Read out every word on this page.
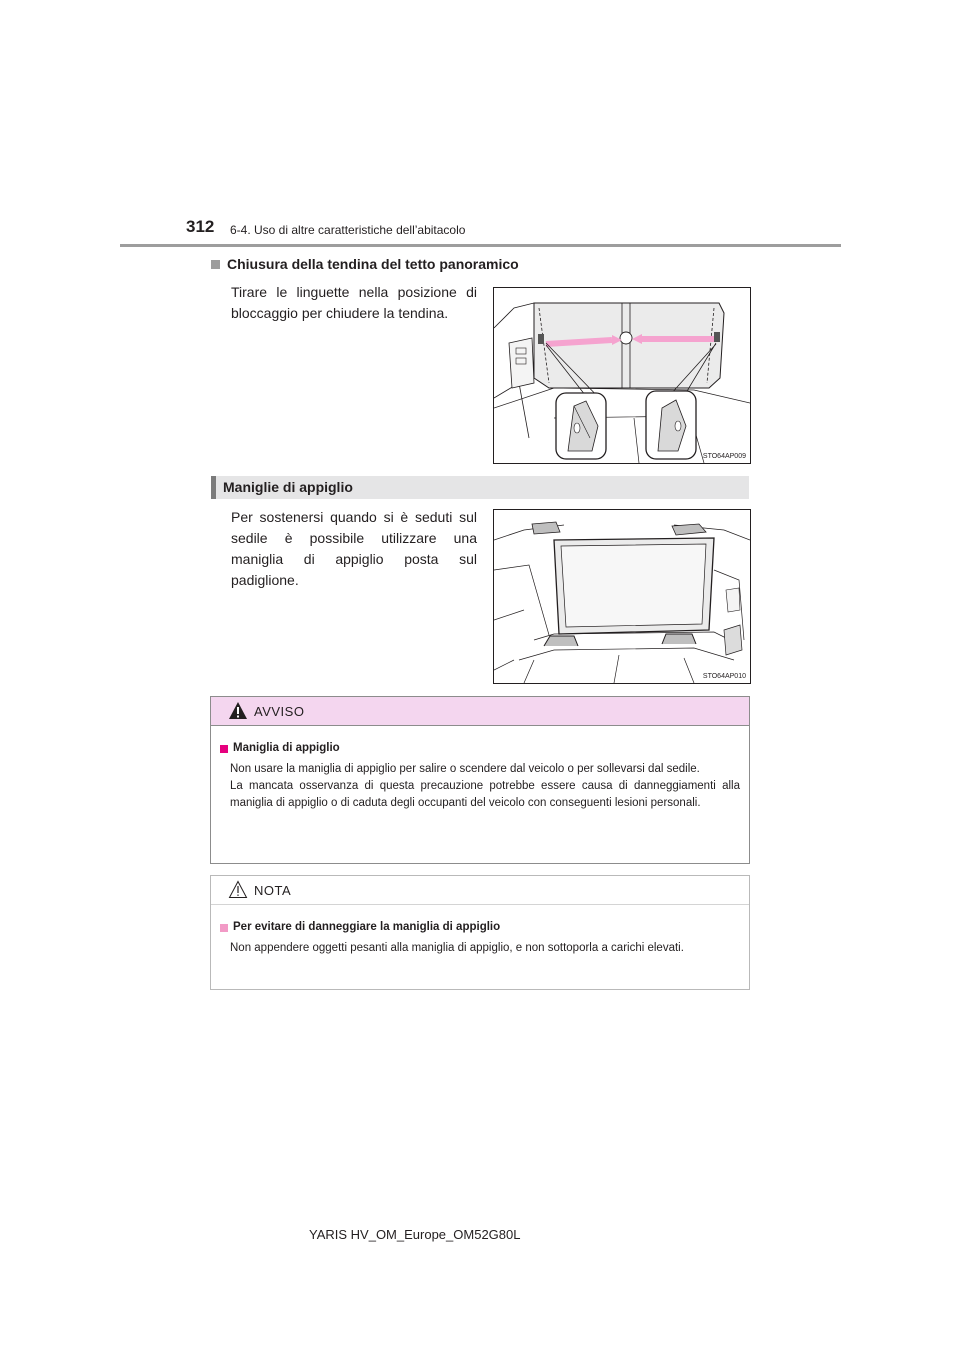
312 6-4. Uso di altre caratteristiche dell’abitacolo
Chiusura della tendina del tetto panoramico
Tirare le linguette nella posizione di bloccaggio per chiudere la tendina.
STO64AP009
Maniglie di appiglio
Per sostenersi quando si è seduti sul sedile è possibile utilizzare una maniglia di appiglio posta sul padiglione.
STO64AP010
AVVISO
Maniglia di appiglio
Non usare la maniglia di appiglio per salire o scendere dal veicolo o per sollevarsi dal sedile.
La mancata osservanza di questa precauzione potrebbe essere causa di danneggiamenti alla maniglia di appiglio o di caduta degli occupanti del veicolo con conseguenti lesioni personali.
NOTA
Per evitare di danneggiare la maniglia di appiglio
Non appendere oggetti pesanti alla maniglia di appiglio, e non sottoporla a carichi elevati.
YARIS HV_OM_Europe_OM52G80L
